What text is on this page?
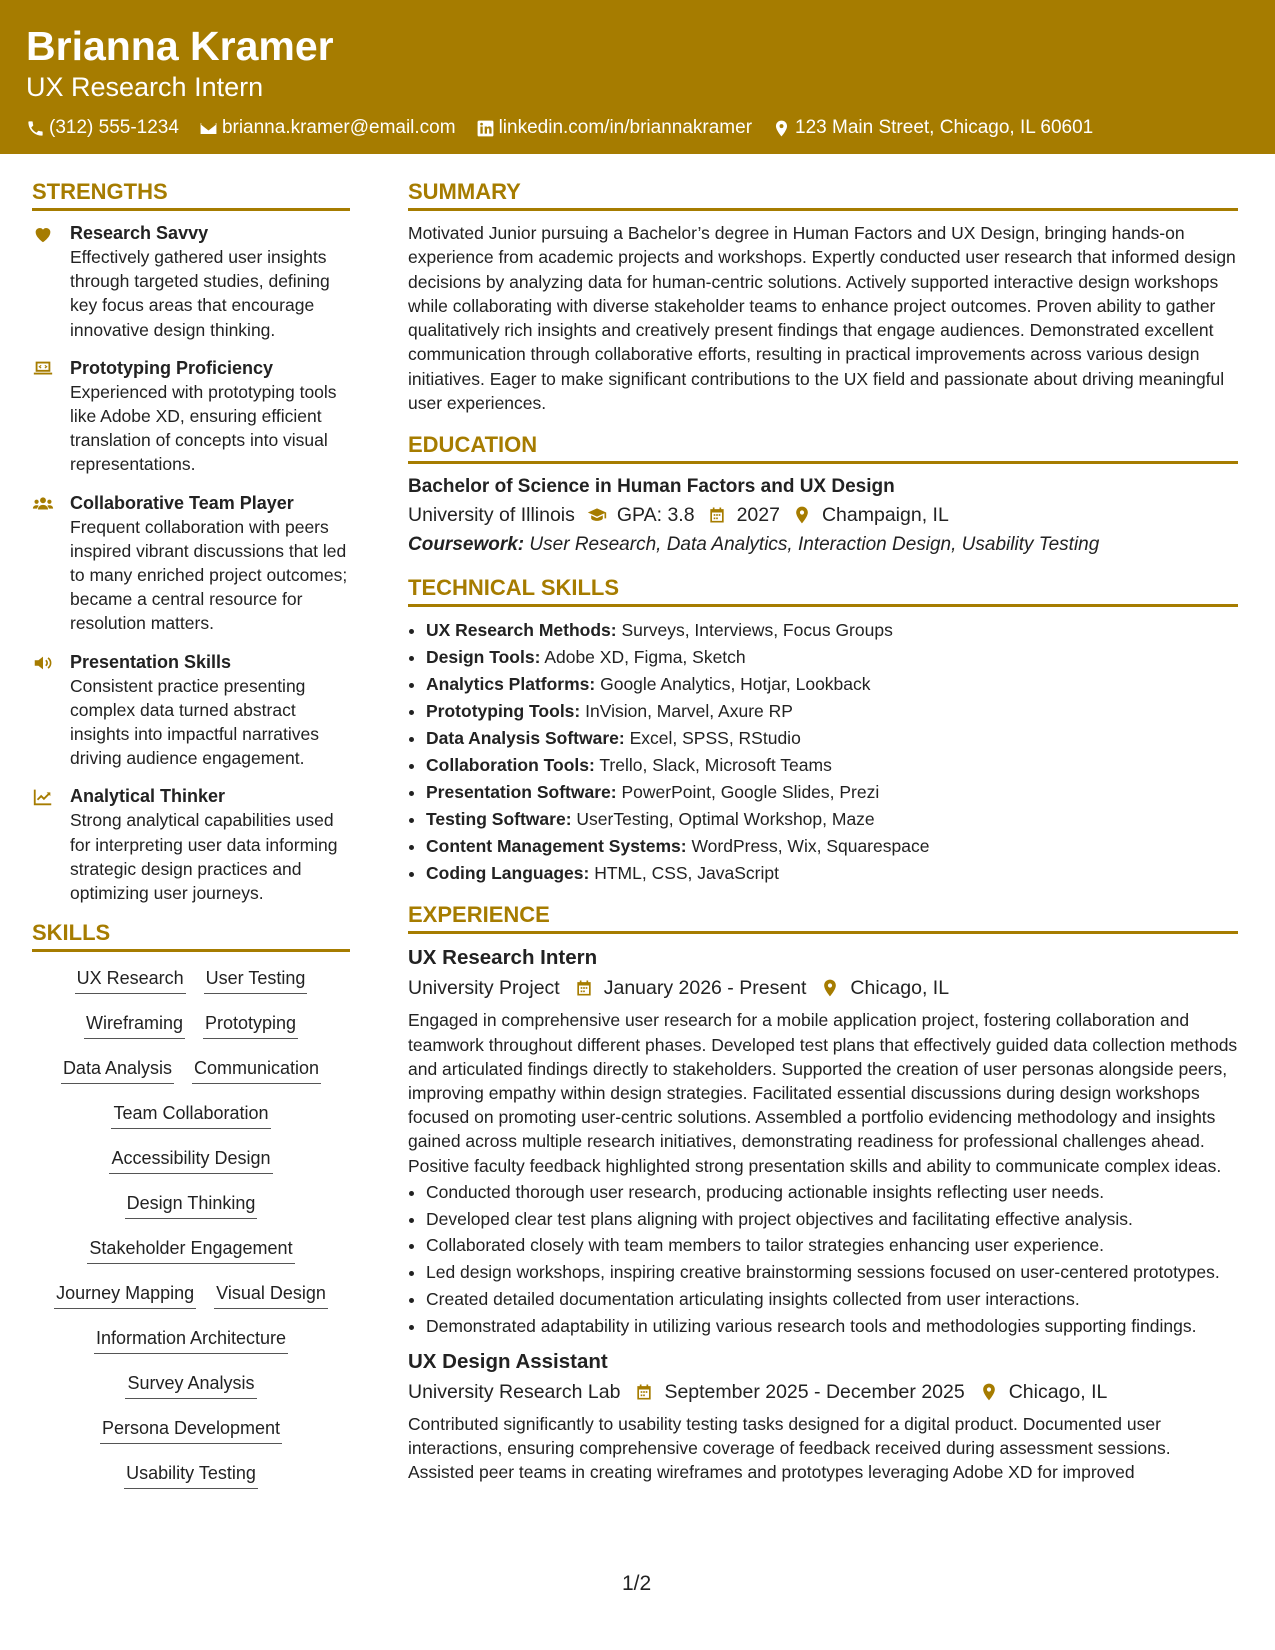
Brianna Kramer
UX Research Intern
(312) 555-1234 brianna.kramer@email.com linkedin.com/in/briannakramer 123 Main Street, Chicago, IL 60601
STRENGTHS
Research Savvy
Effectively gathered user insights through targeted studies, defining key focus areas that encourage innovative design thinking.
Prototyping Proficiency
Experienced with prototyping tools like Adobe XD, ensuring efficient translation of concepts into visual representations.
Collaborative Team Player
Frequent collaboration with peers inspired vibrant discussions that led to many enriched project outcomes; became a central resource for resolution matters.
Presentation Skills
Consistent practice presenting complex data turned abstract insights into impactful narratives driving audience engagement.
Analytical Thinker
Strong analytical capabilities used for interpreting user data informing strategic design practices and optimizing user journeys.
SKILLS
UX Research User Testing
Wireframing Prototyping
Data Analysis Communication
Team Collaboration
Accessibility Design
Design Thinking
Stakeholder Engagement
Journey Mapping Visual Design
Information Architecture
Survey Analysis
Persona Development
Usability Testing
SUMMARY
Motivated Junior pursuing a Bachelor’s degree in Human Factors and UX Design, bringing hands-on experience from academic projects and workshops. Expertly conducted user research that informed design decisions by analyzing data for human-centric solutions. Actively supported interactive design workshops while collaborating with diverse stakeholder teams to enhance project outcomes. Proven ability to gather qualitatively rich insights and creatively present findings that engage audiences. Demonstrated excellent communication through collaborative efforts, resulting in practical improvements across various design initiatives. Eager to make significant contributions to the UX field and passionate about driving meaningful user experiences.
EDUCATION
Bachelor of Science in Human Factors and UX Design
University of Illinois GPA: 3.8 2027 Champaign, IL
Coursework: User Research, Data Analytics, Interaction Design, Usability Testing
TECHNICAL SKILLS
• UX Research Methods: Surveys, Interviews, Focus Groups
• Design Tools: Adobe XD, Figma, Sketch
• Analytics Platforms: Google Analytics, Hotjar, Lookback
• Prototyping Tools: InVision, Marvel, Axure RP
• Data Analysis Software: Excel, SPSS, RStudio
• Collaboration Tools: Trello, Slack, Microsoft Teams
• Presentation Software: PowerPoint, Google Slides, Prezi
• Testing Software: UserTesting, Optimal Workshop, Maze
• Content Management Systems: WordPress, Wix, Squarespace
• Coding Languages: HTML, CSS, JavaScript
EXPERIENCE
UX Research Intern
University Project January 2026 - Present Chicago, IL
Engaged in comprehensive user research for a mobile application project, fostering collaboration and teamwork throughout different phases. Developed test plans that effectively guided data collection methods and articulated findings directly to stakeholders. Supported the creation of user personas alongside peers, improving empathy within design strategies. Facilitated essential discussions during design workshops focused on promoting user-centric solutions. Assembled a portfolio evidencing methodology and insights gained across multiple research initiatives, demonstrating readiness for professional challenges ahead. Positive faculty feedback highlighted strong presentation skills and ability to communicate complex ideas.
• Conducted thorough user research, producing actionable insights reflecting user needs.
• Developed clear test plans aligning with project objectives and facilitating effective analysis.
• Collaborated closely with team members to tailor strategies enhancing user experience.
• Led design workshops, inspiring creative brainstorming sessions focused on user-centered prototypes.
• Created detailed documentation articulating insights collected from user interactions.
• Demonstrated adaptability in utilizing various research tools and methodologies supporting findings.
UX Design Assistant
University Research Lab September 2025 - December 2025 Chicago, IL
Contributed significantly to usability testing tasks designed for a digital product. Documented user interactions, ensuring comprehensive coverage of feedback received during assessment sessions. Assisted peer teams in creating wireframes and prototypes leveraging Adobe XD for improved
1/2
